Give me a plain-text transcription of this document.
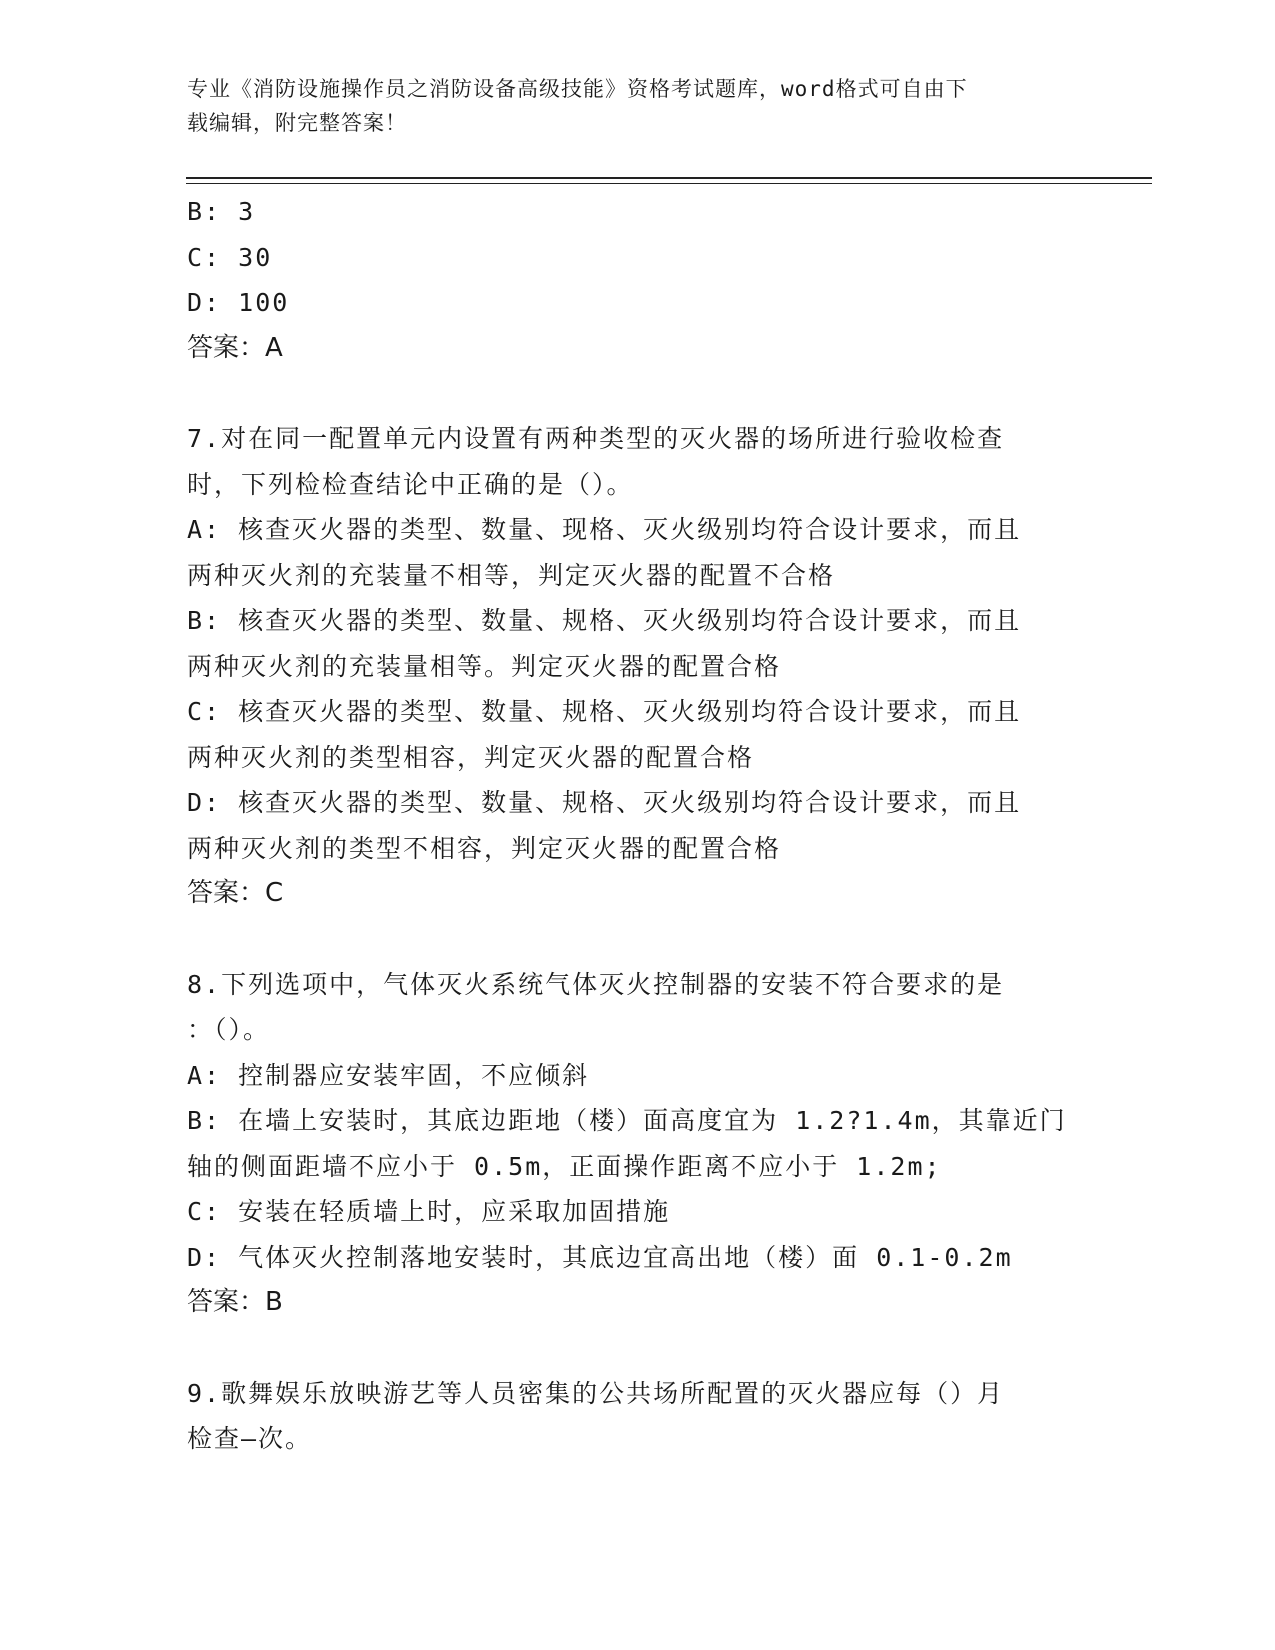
专业《消防设施操作员之消防设备高级技能》资格考试题库，word格式可自由下
载编辑，附完整答案！
B: 3
C: 30
D: 100
答案：A
7.对在同一配置单元内设置有两种类型的灭火器的场所进行验收检查
时，下列检检查结论中正确的是（）。
A: 核查灭火器的类型、数量、现格、灭火级别均符合设计要求，而且
两种灭火剂的充装量不相等，判定灭火器的配置不合格
B: 核查灭火器的类型、数量、规格、灭火级别均符合设计要求，而且
两种灭火剂的充装量相等。判定灭火器的配置合格
C: 核查灭火器的类型、数量、规格、灭火级别均符合设计要求，而且
两种灭火剂的类型相容，判定灭火器的配置合格
D: 核查灭火器的类型、数量、规格、灭火级别均符合设计要求，而且
两种灭火剂的类型不相容，判定灭火器的配置合格
答案：C
8.下列选项中，气体灭火系统气体灭火控制器的安装不符合要求的是
：（）。
A: 控制器应安装牢固，不应倾斜
B: 在墙上安装时，其底边距地（楼）面高度宜为 1.2?1.4m，其靠近门
轴的侧面距墙不应小于 0.5m，正面操作距离不应小于 1.2m;
C: 安装在轻质墙上时，应采取加固措施
D: 气体灭火控制落地安装时，其底边宜高出地（楼）面 0.1-0.2m
答案：B
9.歌舞娱乐放映游艺等人员密集的公共场所配置的灭火器应每（）月
检查—次。
